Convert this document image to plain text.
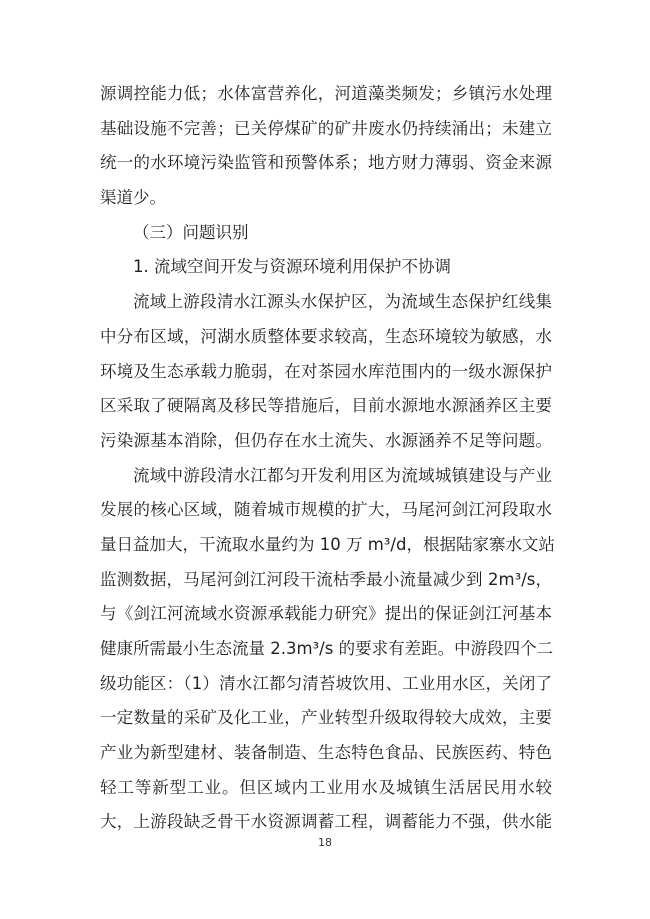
源调控能力低；水体富营养化，河道藻类频发；乡镇污水处理
基础设施不完善；已关停煤矿的矿井废水仍持续涌出；未建立
统一的水环境污染监管和预警体系；地方财力薄弱、资金来源
渠道少。
（三）问题识别
1. 流域空间开发与资源环境利用保护不协调
流域上游段清水江源头水保护区，为流域生态保护红线集
中分布区域，河湖水质整体要求较高，生态环境较为敏感，水
环境及生态承载力脆弱，在对茶园水库范围内的一级水源保护
区采取了硬隔离及移民等措施后，目前水源地水源涵养区主要
污染源基本消除，但仍存在水土流失、水源涵养不足等问题。
流域中游段清水江都匀开发利用区为流域城镇建设与产业
发展的核心区域，随着城市规模的扩大，马尾河剑江河段取水
量日益加大，干流取水量约为 10 万 m³/d，根据陆家寨水文站
监测数据，马尾河剑江河段干流枯季最小流量减少到 2m³/s，
与《剑江河流域水资源承载能力研究》提出的保证剑江河基本
健康所需最小生态流量 2.3m³/s 的要求有差距。中游段四个二
级功能区：（1）清水江都匀清苔坡饮用、工业用水区，关闭了
一定数量的采矿及化工业，产业转型升级取得较大成效，主要
产业为新型建材、装备制造、生态特色食品、民族医药、特色
轻工等新型工业。但区域内工业用水及城镇生活居民用水较
大，上游段缺乏骨干水资源调蓄工程，调蓄能力不强，供水能
18
